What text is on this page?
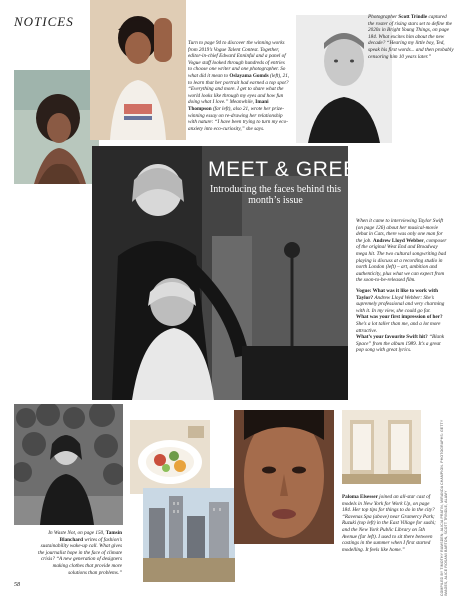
NOTICES
Turn to page 94 to discover the winning works from 2019’s Vogue Talent Contest. Together, editor-in-chief Edward Enninful and a panel of Vogue staff looked through hundreds of entries to choose one writer and one photographer. So what did it mean to Oslayama Gomds (left), 21, to learn that her portrait had earned a top spot? “Everything and more. I get to share what the world looks like through my eyes and how fun doing what I love.” Meanwhile, Imani Thompson (far left), also 21, wrote her prize-winning essay on re-drawing her relationship with nature: “I have been trying to turn my eco-anxiety into eco-curiosity,” she says.
Photographer Scott Trindle captured the roster of rising stars set to define the 2020s in Bright Young Things, on page 184. What excites him about the new decade? “Hearing my little boy, Ted, speak his first words... and then probably censoring him 10 years later.”
MEET & GREET
Introducing the faces behind this month’s issue

When it came to interviewing Taylor Swift (on page 126) about her musical-movie debut in Cats, there was only one man for the job. Andrew Lloyd Webber, composer of the original West End and Broadway mega hit. The two cultural songwriting bad playing is discuss at a recording studio in north London (left) – art, ambition and authenticity, plus what we can expect from the soon-to-be-released film.

Vogue: What was it like to work with Taylor? Andrew Lloyd Webber: She’s supremely professional and very charming with it. In my view, she could go far.

What was your first impression of her? She’s a lot taller than me, and a lot more attractive.

What’s your favourite Swift hit? “Blank Space” from the album 1989. It’s a great pop song with great lyrics.

In Waste Not, on page 150, Tamsin Blanchard writes of fashion’s sustainability wake-up call. What gives the journalist hope in the face of climate crisis? “A new generation of designers making clothes that provide more solutions than problems.”
Paloma Elsesser joined an all-star cast of models in New York for Work Up, on page 184. Her top tips for things to do in the city? “Ravenas Spa (above) near Gramercy Park; Ruzuki (top left) in the East Village for sushi; and the New York Public Library on 5th Avenue (far left). I used to sit there between castings in the summer when I first started modelling. It feels like home.”
58	COMPILED BY TIMOTHY RAMSDEN; ALICIA PRATIN, MIRANDA CHAMPION. PHOTOGRAPHS: GETTY IMAGES, ALICE ROSAMI BARTON, SCOTT TRINDLE, ALAMY
